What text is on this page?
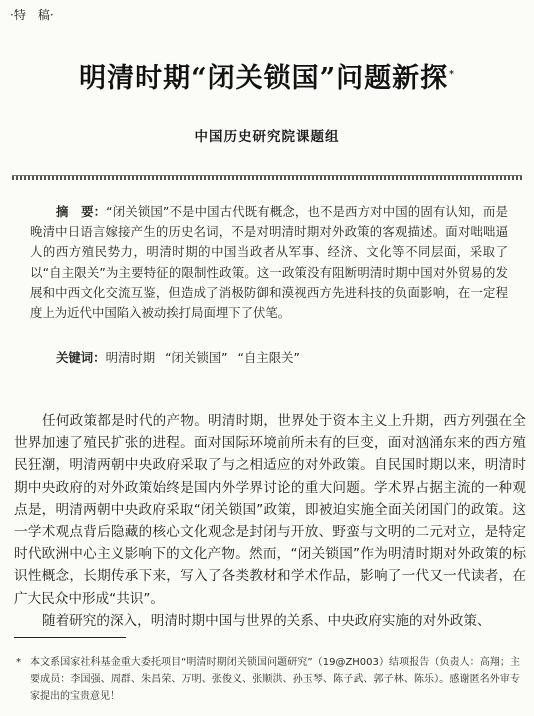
·特　稿·
明清时期“闭关锁国”问题新探*
中国历史研究院课题组
摘　要：“闭关锁国”不是中国古代既有概念，也不是西方对中国的固有认知，而是晚清中日语言嫁接产生的历史名词，不是对明清时期对外政策的客观描述。面对咄咄逼人的西方殖民势力，明清时期的中国当政者从军事、经济、文化等不同层面，采取了以“自主限关”为主要特征的限制性政策。这一政策没有阻断明清时期中国对外贸易的发展和中西文化交流互鉴，但造成了消极防御和漠视西方先进科技的负面影响，在一定程度上为近代中国陷入被动挨打局面埋下了伏笔。
关键词：明清时期 “闭关锁国” “自主限关”

任何政策都是时代的产物。明清时期，世界处于资本主义上升期，西方列强在全世界加速了殖民扩张的进程。面对国际环境前所未有的巨变，面对汹涌东来的西方殖民狂潮，明清两朝中央政府采取了与之相适应的对外政策。自民国时期以来，明清时期中央政府的对外政策始终是国内外学界讨论的重大问题。学术界占据主流的一种观点是，明清两朝中央政府采取“闭关锁国”政策，即被迫实施全面关闭国门的政策。这一学术观点背后隐藏的核心文化观念是封闭与开放、野蛮与文明的二元对立，是特定时代欧洲中心主义影响下的文化产物。然而，“闭关锁国”作为明清时期对外政策的标识性概念，长期传承下来，写入了各类教材和学术作品，影响了一代又一代读者，在广大民众中形成“共识”。

随着研究的深入，明清时期中国与世界的关系、中央政府实施的对外政策、

* 本文系国家社科基金重大委托项目“明清时期闭关锁国问题研究”（19@ZH003）结项报告（负责人：高翔；主要成员：李国强、周群、朱昌荣、万明、张俊义、张顺洪、孙玉琴、陈子武、郭子林、陈乐）。感谢匿名外审专家提出的宝贵意见！
